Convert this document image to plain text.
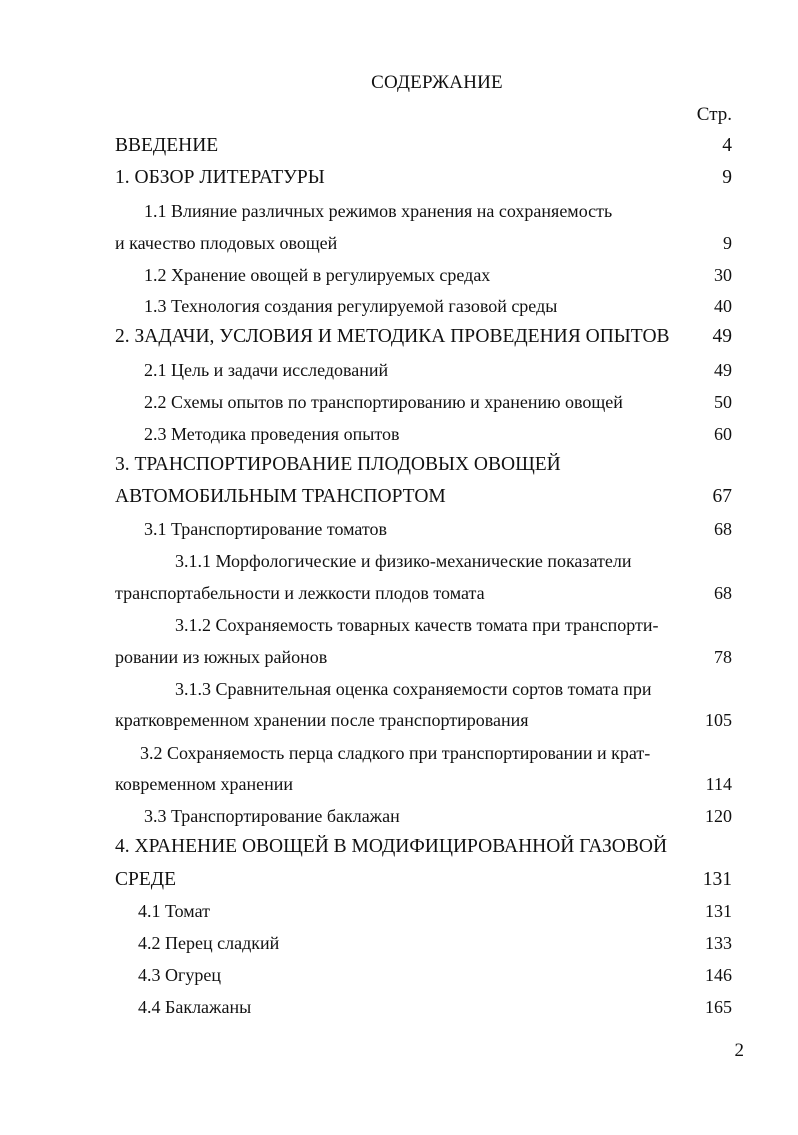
СОДЕРЖАНИЕ
Стр.
ВВЕДЕНИЕ	4
1. ОБЗОР ЛИТЕРАТУРЫ	9
1.1 Влияние различных режимов хранения на сохраняемость
и качество плодовых овощей	9
1.2 Хранение овощей в регулируемых средах	30
1.3 Технология создания регулируемой газовой среды	40
2. ЗАДАЧИ, УСЛОВИЯ И МЕТОДИКА ПРОВЕДЕНИЯ ОПЫТОВ 49
2.1 Цель и задачи исследований	49
2.2 Схемы опытов по транспортированию и хранению овощей	50
2.3 Методика проведения опытов	60
3. ТРАНСПОРТИРОВАНИЕ ПЛОДОВЫХ ОВОЩЕЙ
АВТОМОБИЛЬНЫМ ТРАНСПОРТОМ	67
3.1 Транспортирование томатов	68
3.1.1 Морфологические и физико-механические показатели
транспортабельности и лежкости плодов томата	68
3.1.2 Сохраняемость товарных качеств томата при транспорти-
ровании из южных районов	78
3.1.3 Сравнительная оценка сохраняемости сортов томата при
кратковременном хранении после транспортирования	105
3.2 Сохраняемость перца сладкого при транспортировании и крат-
ковременном хранении	114
3.3 Транспортирование баклажан	120
4. ХРАНЕНИЕ ОВОЩЕЙ В МОДИФИЦИРОВАННОЙ ГАЗОВОЙ
СРЕДЕ	131
4.1 Томат	131
4.2 Перец сладкий	133
4.3 Огурец	146
4.4 Баклажаны	165
2
